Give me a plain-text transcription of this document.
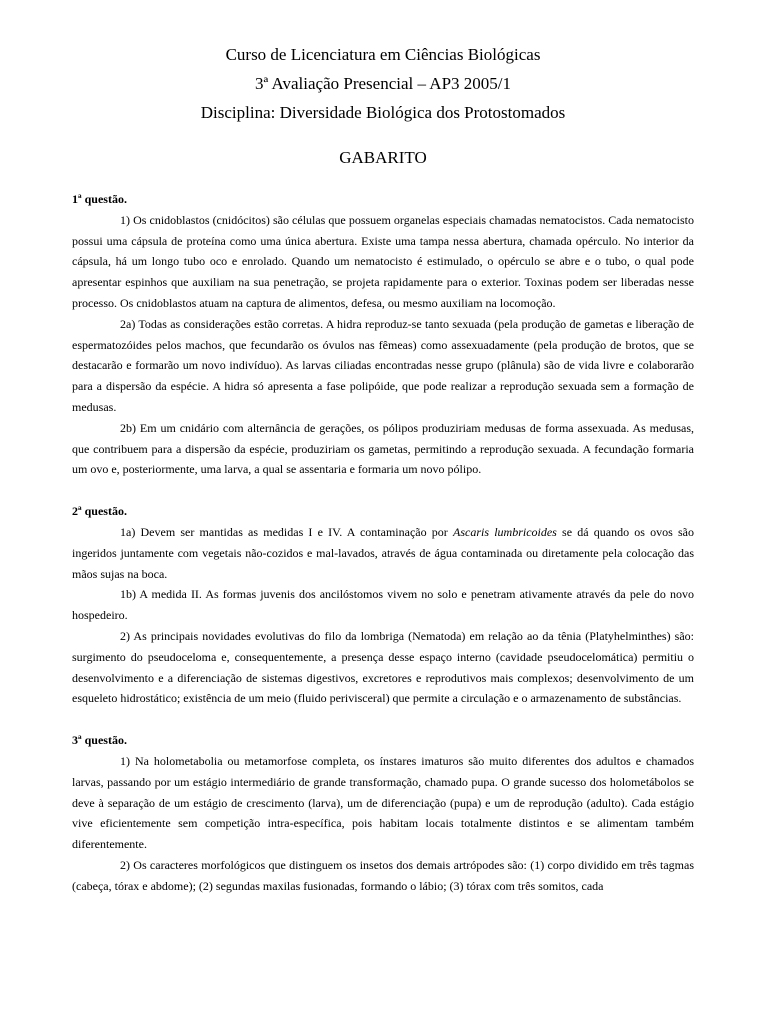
Curso de Licenciatura em Ciências Biológicas

3ª Avaliação Presencial – AP3 2005/1

Disciplina: Diversidade Biológica dos Protostomados

GABARITO

1ª questão.

1) Os cnidoblastos (cnidócitos) são células que possuem organelas especiais chamadas nematocistos. Cada nematocisto possui uma cápsula de proteína como uma única abertura. Existe uma tampa nessa abertura, chamada opérculo. No interior da cápsula, há um longo tubo oco e enrolado. Quando um nematocisto é estimulado, o opérculo se abre e o tubo, o qual pode apresentar espinhos que auxiliam na sua penetração, se projeta rapidamente para o exterior. Toxinas podem ser liberadas nesse processo. Os cnidoblastos atuam na captura de alimentos, defesa, ou mesmo auxiliam na locomoção.

2a) Todas as considerações estão corretas. A hidra reproduz-se tanto sexuada (pela produção de gametas e liberação de espermatozóides pelos machos, que fecundarão os óvulos nas fêmeas) como assexuadamente (pela produção de brotos, que se destacarão e formarão um novo indivíduo). As larvas ciliadas encontradas nesse grupo (plânula) são de vida livre e colaborarão para a dispersão da espécie. A hidra só apresenta a fase polipóide, que pode realizar a reprodução sexuada sem a formação de medusas.

2b) Em um cnidário com alternância de gerações, os pólipos produziriam medusas de forma assexuada. As medusas, que contribuem para a dispersão da espécie, produziriam os gametas, permitindo a reprodução sexuada. A fecundação formaria um ovo e, posteriormente, uma larva, a qual se assentaria e formaria um novo pólipo.

2ª questão.

1a) Devem ser mantidas as medidas I e IV. A contaminação por Ascaris lumbricoides se dá quando os ovos são ingeridos juntamente com vegetais não-cozidos e mal-lavados, através de água contaminada ou diretamente pela colocação das mãos sujas na boca.

1b) A medida II. As formas juvenis dos ancilóstomos vivem no solo e penetram ativamente através da pele do novo hospedeiro.

2) As principais novidades evolutivas do filo da lombriga (Nematoda) em relação ao da tênia (Platyhelminthes) são: surgimento do pseudoceloma e, consequentemente, a presença desse espaço interno (cavidade pseudocelomática) permitiu o desenvolvimento e a diferenciação de sistemas digestivos, excretores e reprodutivos mais complexos; desenvolvimento de um esqueleto hidrostático; existência de um meio (fluido perivisceral) que permite a circulação e o armazenamento de substâncias.

3ª questão.

1) Na holometabolia ou metamorfose completa, os ínstares imaturos são muito diferentes dos adultos e chamados larvas, passando por um estágio intermediário de grande transformação, chamado pupa. O grande sucesso dos holometábolos se deve à separação de um estágio de crescimento (larva), um de diferenciação (pupa) e um de reprodução (adulto). Cada estágio vive eficientemente sem competição intra-específica, pois habitam locais totalmente distintos e se alimentam também diferentemente.

2) Os caracteres morfológicos que distinguem os insetos dos demais artrópodes são: (1) corpo dividido em três tagmas (cabeça, tórax e abdome); (2) segundas maxilas fusionadas, formando o lábio; (3) tórax com três somitos, cada
